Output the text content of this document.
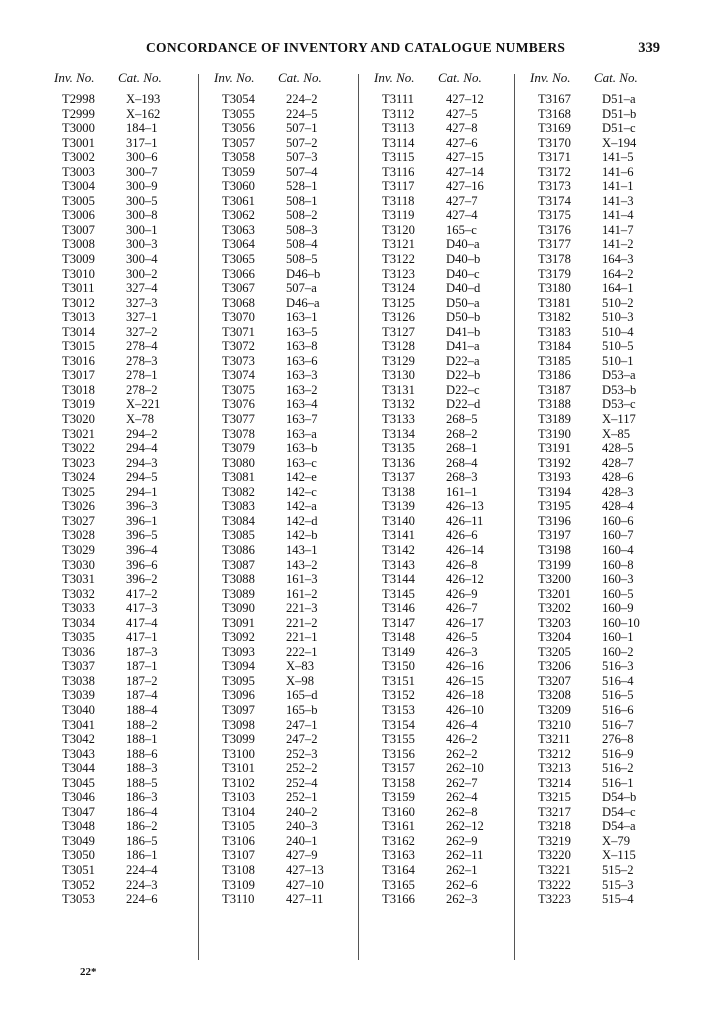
CONCORDANCE OF INVENTORY AND CATALOGUE NUMBERS	339
Inv. No. Cat. No.
T2998 X–193
T2999 X–162
T3000 184–1
T3001 317–1
T3002 300–6
T3003 300–7
T3004 300–9
T3005 300–5
T3006 300–8
T3007 300–1
T3008 300–3
T3009 300–4
T3010 300–2
T3011	327–4
T3012 327–3
T3013 327–1
T3014 327–2
T3015 278–4
T3016 278–3
T3017 278–1
T3018 278–2
T3019 X–221
T3020 X–78
T3021 294–2
T3022 294–4
T3023 294–3
T3024 294–5
T3025 294–1
T3026 396–3
T3027 396–1
T3028 396–5
T3029 396–4
T3030 396–6
T3031 396–2
T3032 417–2
T3033 417–3
T3034 417–4
T3035 417–1
T3036 187–3
T3037 187–1
T3038 187–2
T3039 187–4
T3040 188–4
T3041 188–2
T3042 188–1
T3043 188–6
T3044 188–3
T3045 188–5
T3046 186–3
T3047 186–4
T3048 186–2
T3049 186–5
T3050 186–1
T3051 224–4
T3052 224–3
T3053 224–6
Inv. No. Cat. No.
T3054 224–2
T3055 224–5
T3056 507–1
T3057 507–2
T3058 507–3
T3059 507–4
T3060 528–1
T3061 508–1
T3062 508–2
T3063 508–3
T3064 508–4
T3065 508–5
T3066 D46–b
T3067 507–a
T3068 D46–a
T3070 163–1
T3071 163–5
T3072 163–8
T3073 163–6
T3074 163–3
T3075 163–2
T3076 163–4
T3077 163–7
T3078 163–a
T3079 163–b
T3080 163–c
T3081 142–e
T3082 142–c
T3083 142–a
T3084 142–d
T3085 142–b
T3086 143–1
T3087 143–2
T3088 161–3
T3089 161–2
T3090 221–3
T3091 221–2
T3092 221–1
T3093 222–1
T3094 X–83
T3095 X–98
T3096 165–d
T3097 165–b
T3098 247–1
T3099 247–2
T3100 252–3
T3101 252–2
T3102 252–4
T3103 252–1
T3104 240–2
T3105 240–3
T3106 240–1
T3107 427–9
T3108 427–13
T3109 427–10
T3110	427–11
Inv. No. Cat. No.
T3111	427–12
T3112	427–5
T3113	427–8
T3114	427–6
T3115	427–15
T3116	427–14
T3117	427–16
T3118	427–7
T3119	427–4
T3120 165–c
T3121 D40–a
T3122 D40–b
T3123 D40–c
T3124 D40–d
T3125 D50–a
T3126 D50–b
T3127 D41–b
T3128 D41–a
T3129 D22–a
T3130 D22–b
T3131 D22–c
T3132 D22–d
T3133 268–5
T3134 268–2
T3135 268–1
T3136 268–4
T3137 268–3
T3138 161–1
T3139 426–13
T3140 426–11
T3141 426–6
T3142 426–14
T3143 426–8
T3144 426–12
T3145 426–9
T3146 426–7
T3147 426–17
T3148 426–5
T3149 426–3
T3150 426–16
T3151 426–15
T3152 426–18
T3153 426–10
T3154 426–4
T3155 426–2
T3156 262–2
T3157 262–10
T3158 262–7
T3159 262–4
T3160 262–8
T3161 262–12
T3162 262–9
T3163 262–11
T3164 262–1
T3165 262–6
T3166 262–3
Inv. No. Cat. No.
T3167 D51–a
T3168 D51–b
T3169 D51–c
T3170 X–194
T3171 141–5
T3172 141–6
T3173 141–1
T3174 141–3
T3175 141–4
T3176 141–7
T3177 141–2
T3178 164–3
T3179 164–2
T3180 164–1
T3181 510–2
T3182 510–3
T3183 510–4
T3184 510–5
T3185 510–1
T3186 D53–a
T3187 D53–b
T3188 D53–c
T3189 X–117
T3190 X–85
T3191 428–5
T3192 428–7
T3193 428–6
T3194 428–3
T3195 428–4
T3196 160–6
T3197 160–7
T3198 160–4
T3199 160–8
T3200 160–3
T3201 160–5
T3202 160–9
T3203 160–10
T3204 160–1
T3205 160–2
T3206 516–3
T3207 516–4
T3208 516–5
T3209 516–6
T3210 516–7
T3211	276–8
T3212 516–9
T3213 516–2
T3214 516–1
T3215 D54–b
T3217 D54–c
T3218 D54–a
T3219 X–79
T3220 X–115
T3221 515–2
T3222 515–3
T3223 515–4
22*
